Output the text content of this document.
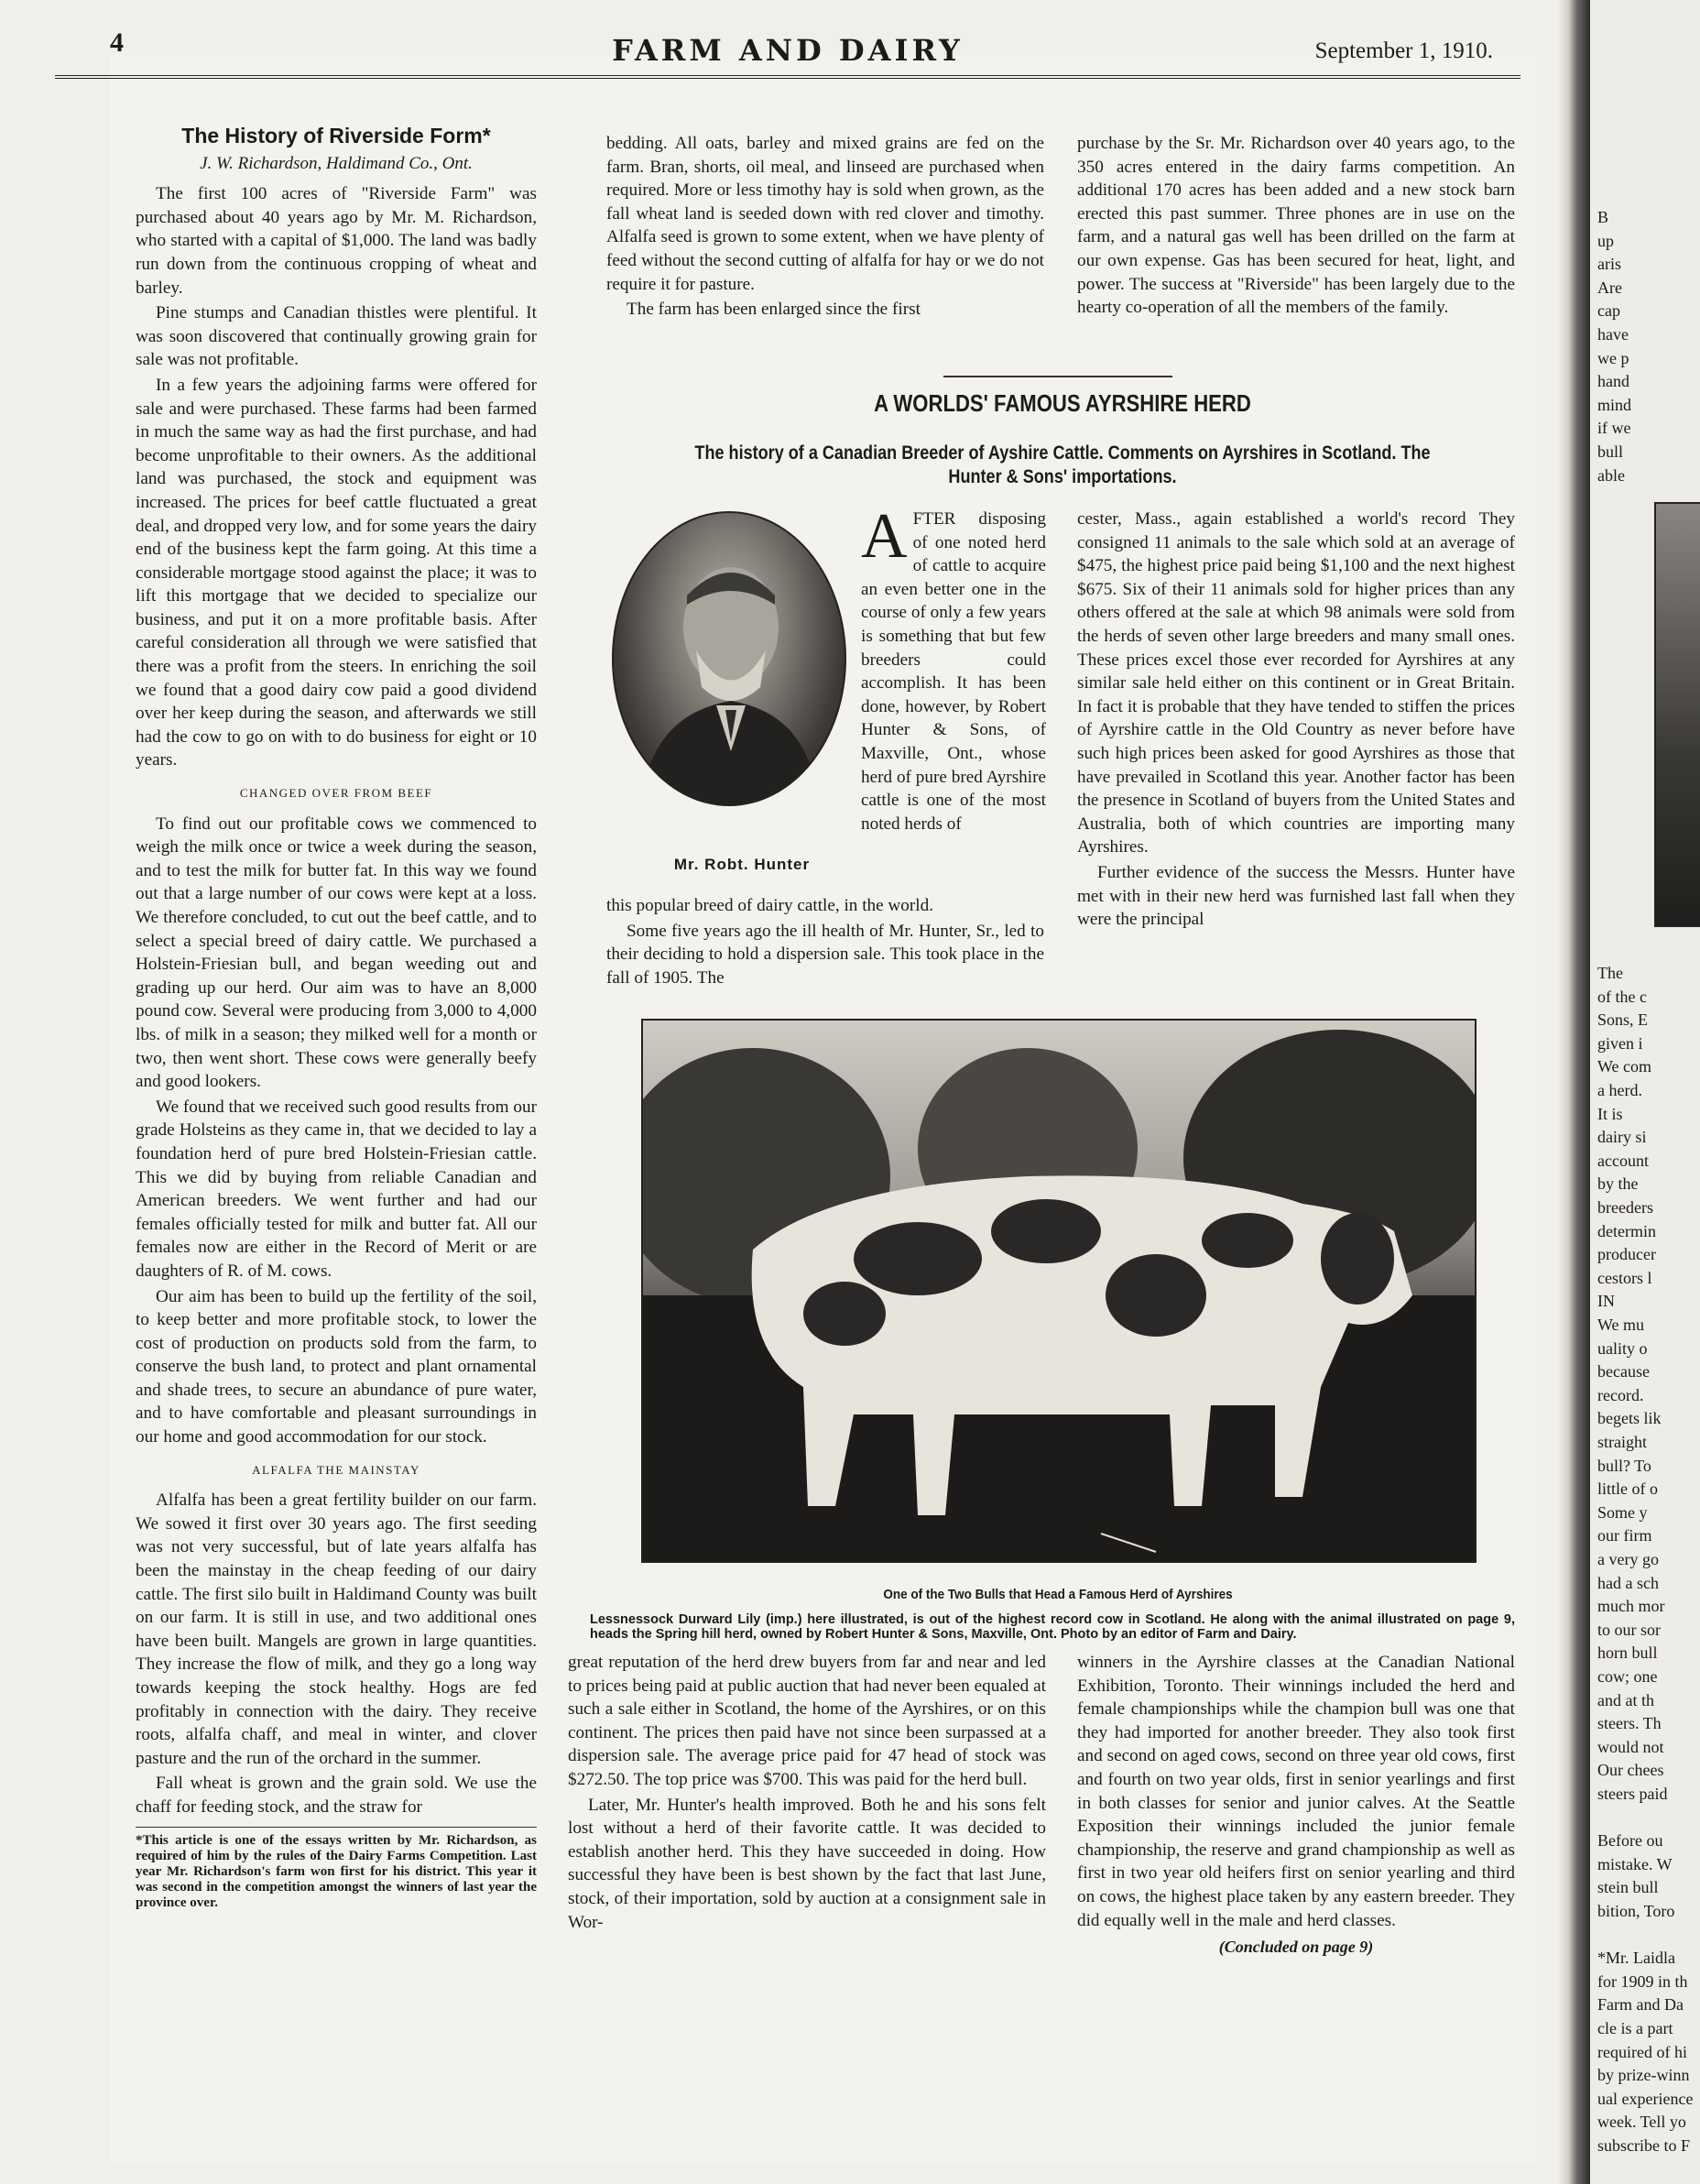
B
up
aris
Are
cap
have
we p
hand
mind
if we
bull
able
The
of the c
Sons, E
given i
We com
a herd.
It is
dairy si
account
by the
breeders
determin
producer
cestors l
IN
We mu
uality o
because
record.
begets lik
straight
bull? To
little of o
Some y
our firm
a very go
had a sch
much mor
to our sor
horn bull
cow; one
and at th
steers. Th
would not
Our chees
steers paid
Before ou
mistake. W
stein bull
bition, Toro
*Mr. Laidla
for 1909 in th
Farm and Da
cle is a part
required of hi
by prize-winn
ual experience
week. Tell yo
subscribe to F
4	FARM AND DAIRY	September 1, 1910.
The History of Riverside Form*
J. W. Richardson, Haldimand Co., Ont.

The first 100 acres of "Riverside Farm" was purchased about 40 years ago by Mr. M. Richardson, who started with a capital of $1,000. The land was badly run down from the continuous cropping of wheat and barley.

Pine stumps and Canadian thistles were plentiful. It was soon discovered that continually growing grain for sale was not profitable.

In a few years the adjoining farms were offered for sale and were purchased. These farms had been farmed in much the same way as had the first purchase, and had become unprofitable to their owners. As the additional land was purchased, the stock and equipment was increased. The prices for beef cattle fluctuated a great deal, and dropped very low, and for some years the dairy end of the business kept the farm going. At this time a considerable mortgage stood against the place; it was to lift this mortgage that we decided to specialize our business, and put it on a more profitable basis. After careful consideration all through we were satisfied that there was a profit from the steers. In enriching the soil we found that a good dairy cow paid a good dividend over her keep during the season, and afterwards we still had the cow to go on with to do business for eight or 10 years.

CHANGED OVER FROM BEEF

To find out our profitable cows we commenced to weigh the milk once or twice a week during the season, and to test the milk for butter fat. In this way we found out that a large number of our cows were kept at a loss. We therefore concluded, to cut out the beef cattle, and to select a special breed of dairy cattle. We purchased a Holstein-Friesian bull, and began weeding out and grading up our herd. Our aim was to have an 8,000 pound cow. Several were producing from 3,000 to 4,000 lbs. of milk in a season; they milked well for a month or two, then went short. These cows were generally beefy and good lookers.

We found that we received such good results from our grade Holsteins as they came in, that we decided to lay a foundation herd of pure bred Holstein-Friesian cattle. This we did by buying from reliable Canadian and American breeders. We went further and had our females officially tested for milk and butter fat. All our females now are either in the Record of Merit or are daughters of R. of M. cows.

Our aim has been to build up the fertility of the soil, to keep better and more profitable stock, to lower the cost of production on products sold from the farm, to conserve the bush land, to protect and plant ornamental and shade trees, to secure an abundance of pure water, and to have comfortable and pleasant surroundings in our home and good accommodation for our stock.

ALFALFA THE MAINSTAY

Alfalfa has been a great fertility builder on our farm. We sowed it first over 30 years ago. The first seeding was not very successful, but of late years alfalfa has been the mainstay in the cheap feeding of our dairy cattle. The first silo built in Haldimand County was built on our farm. It is still in use, and two additional ones have been built. Mangels are grown in large quantities. They increase the flow of milk, and they go a long way towards keeping the stock healthy. Hogs are fed profitably in connection with the dairy. They receive roots, alfalfa chaff, and meal in winter, and clover pasture and the run of the orchard in the summer.

Fall wheat is grown and the grain sold. We use the chaff for feeding stock, and the straw for

*This article is one of the essays written by Mr. Richardson, as required of him by the rules of the Dairy Farms Competition. Last year Mr. Richardson's farm won first for his district. This year it was second in the competition amongst the winners of last year the province over.

bedding. All oats, barley and mixed grains are fed on the farm. Bran, shorts, oil meal, and linseed are purchased when required. More or less timothy hay is sold when grown, as the fall wheat land is seeded down with red clover and timothy. Alfalfa seed is grown to some extent, when we have plenty of feed without the second cutting of alfalfa for hay or we do not require it for pasture.

The farm has been enlarged since the first

purchase by the Sr. Mr. Richardson over 40 years ago, to the 350 acres entered in the dairy farms competition. An additional 170 acres has been added and a new stock barn erected this past summer. Three phones are in use on the farm, and a natural gas well has been drilled on the farm at our own expense. Gas has been secured for heat, light, and power. The success at "Riverside" has been largely due to the hearty co-operation of all the members of the family.

A WORLDS' FAMOUS AYRSHIRE HERD
The history of a Canadian Breeder of Ayshire Cattle. Comments on Ayrshires in Scotland. The Hunter & Sons' importations.
Mr. Robt. Hunter
A FTER disposing of one noted herd of cattle to acquire an even better one in the course of only a few years is something that but few breeders could accomplish. It has been done, however, by Robert Hunter & Sons, of Maxville, Ont., whose herd of pure bred Ayrshire cattle is one of the most noted herds of

this popular breed of dairy cattle, in the world.

Some five years ago the ill health of Mr. Hunter, Sr., led to their deciding to hold a dispersion sale. This took place in the fall of 1905. The

cester, Mass., again established a world's record They consigned 11 animals to the sale which sold at an average of $475, the highest price paid being $1,100 and the next highest $675. Six of their 11 animals sold for higher prices than any others offered at the sale at which 98 animals were sold from the herds of seven other large breeders and many small ones. These prices excel those ever recorded for Ayrshires at any similar sale held either on this continent or in Great Britain. In fact it is probable that they have tended to stiffen the prices of Ayrshire cattle in the Old Country as never before have such high prices been asked for good Ayrshires as those that have prevailed in Scotland this year. Another factor has been the presence in Scotland of buyers from the United States and Australia, both of which countries are importing many Ayrshires.

Further evidence of the success the Messrs. Hunter have met with in their new herd was furnished last fall when they were the principal

One of the Two Bulls that Head a Famous Herd of Ayrshires
Lessnessock Durward Lily (imp.) here illustrated, is out of the highest record cow in Scotland. He along with the animal illustrated on page 9, heads the Spring hill herd, owned by Robert Hunter & Sons, Maxville, Ont. Photo by an editor of Farm and Dairy.

great reputation of the herd drew buyers from far and near and led to prices being paid at public auction that had never been equaled at such a sale either in Scotland, the home of the Ayrshires, or on this continent. The prices then paid have not since been surpassed at a dispersion sale. The average price paid for 47 head of stock was $272.50. The top price was $700. This was paid for the herd bull.

Later, Mr. Hunter's health improved. Both he and his sons felt lost without a herd of their favorite cattle. It was decided to establish another herd. This they have succeeded in doing. How successful they have been is best shown by the fact that last June, stock, of their importation, sold by auction at a consignment sale in Wor-

winners in the Ayrshire classes at the Canadian National Exhibition, Toronto. Their winnings included the herd and female championships while the champion bull was one that they had imported for another breeder. They also took first and second on aged cows, second on three year old cows, first and fourth on two year olds, first in senior yearlings and first in both classes for senior and junior calves. At the Seattle Exposition their winnings included the junior female championship, the reserve and grand championship as well as first in two year old heifers first on senior yearling and third on cows, the highest place taken by any eastern breeder. They did equally well in the male and herd classes.

(Concluded on page 9)
